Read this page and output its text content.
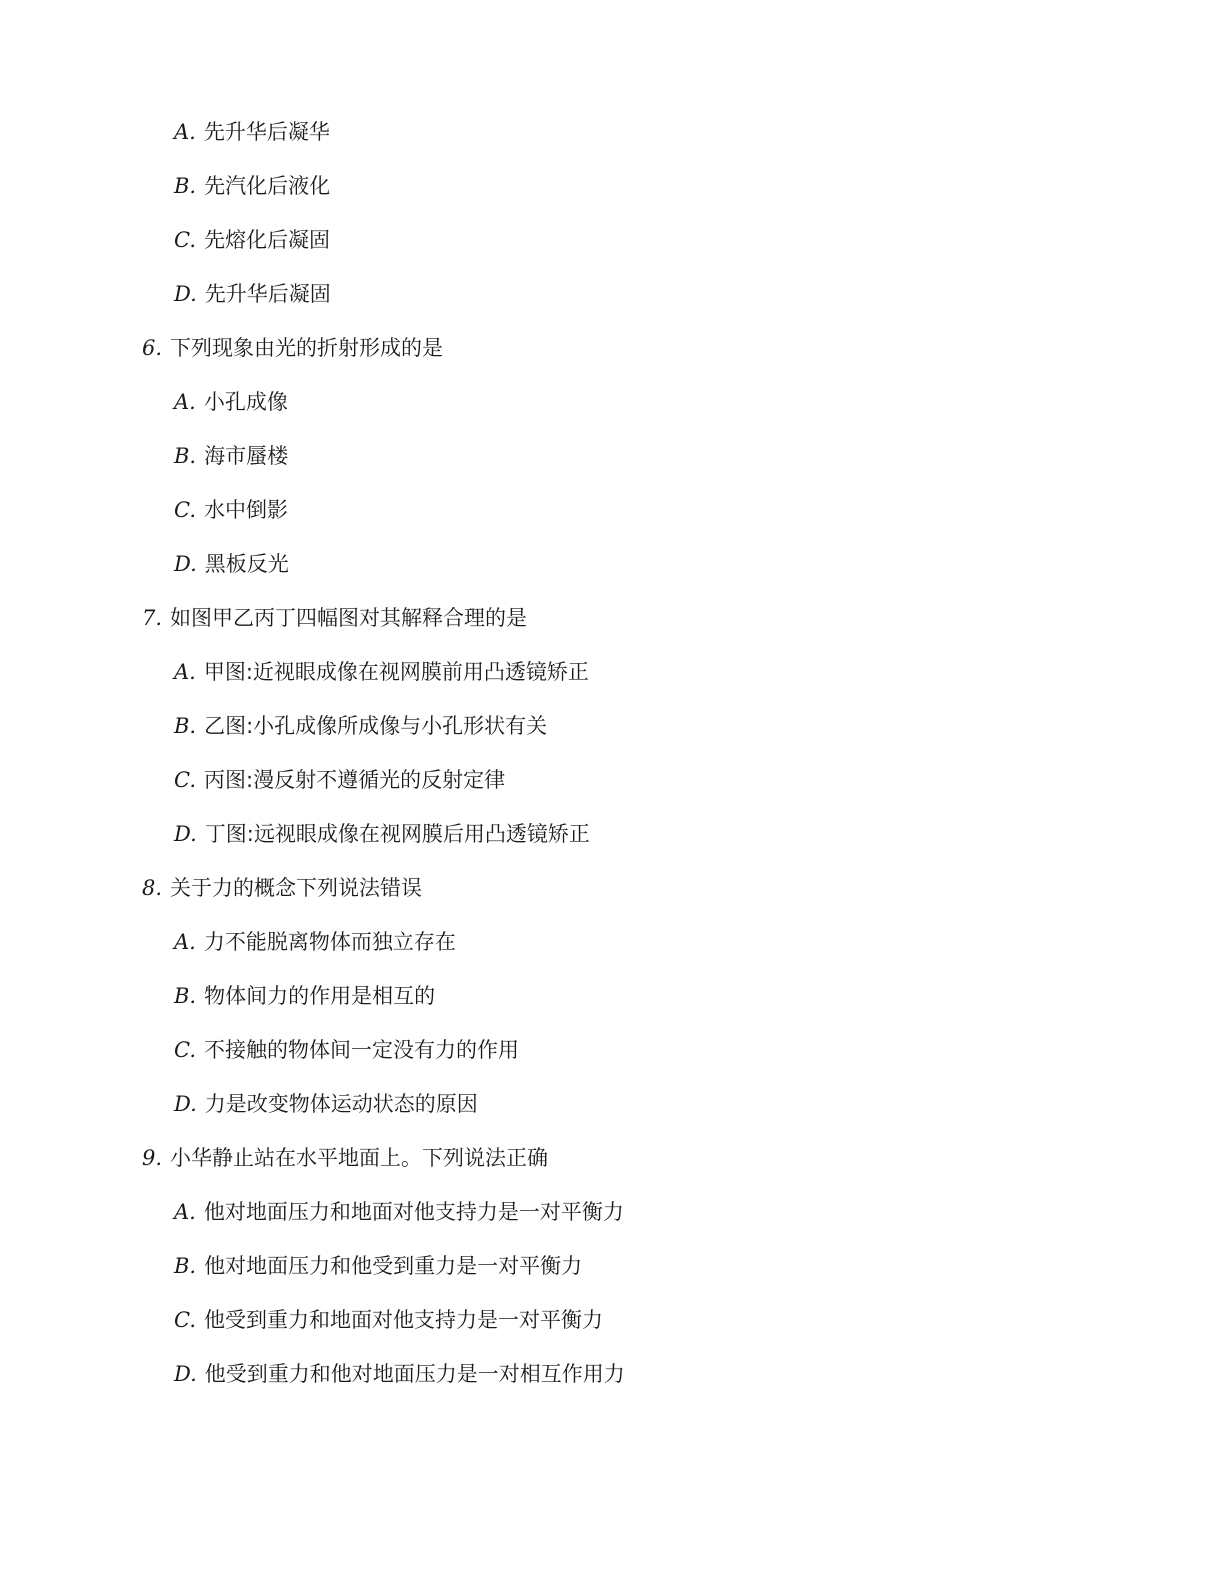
A. 先升华后凝华
B. 先汽化后液化
C. 先熔化后凝固
D. 先升华后凝固
6. 下列现象由光的折射形成的是
A. 小孔成像
B. 海市蜃楼
C. 水中倒影
D. 黑板反光
7. 如图甲乙丙丁四幅图对其解释合理的是
A. 甲图:近视眼成像在视网膜前用凸透镜矫正
B. 乙图:小孔成像所成像与小孔形状有关
C. 丙图:漫反射不遵循光的反射定律
D. 丁图:远视眼成像在视网膜后用凸透镜矫正
8. 关于力的概念下列说法错误
A. 力不能脱离物体而独立存在
B. 物体间力的作用是相互的
C. 不接触的物体间一定没有力的作用
D. 力是改变物体运动状态的原因
9. 小华静止站在水平地面上。下列说法正确
A. 他对地面压力和地面对他支持力是一对平衡力
B. 他对地面压力和他受到重力是一对平衡力
C. 他受到重力和地面对他支持力是一对平衡力
D. 他受到重力和他对地面压力是一对相互作用力
